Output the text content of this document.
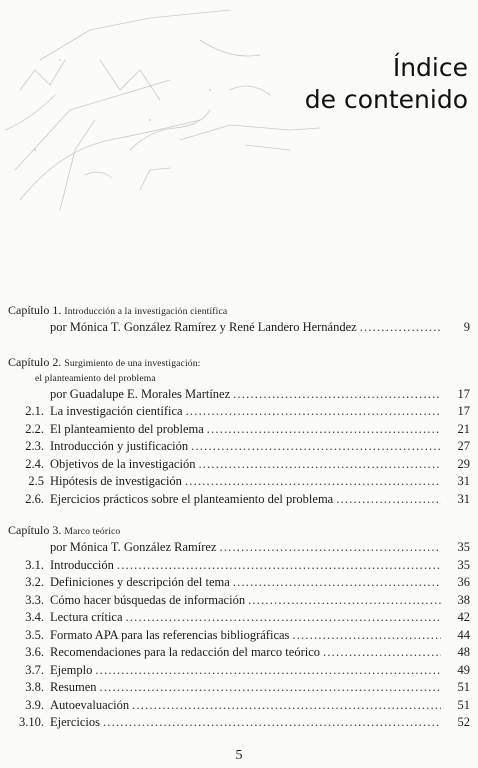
Índice
de contenido
Capítulo 1. Introducción a la investigación científica
por Mónica T. González Ramírez y René Landero Hernández .....	9
Capítulo 2. Surgimiento de una investigación:
el planteamiento del problema
por Guadalupe E. Morales Martínez .....	17
2.1. La investigación científica .....	17
2.2. El planteamiento del problema .....	21
2.3. Introducción y justificación .....	27
2.4. Objetivos de la investigación .....	29
2.5 Hipótesis de investigación .....	31
2.6. Ejercicios prácticos sobre el planteamiento del problema .....	31
Capítulo 3. Marco teórico
por Mónica T. González Ramírez .....	35
3.1. Introducción .....	35
3.2. Definiciones y descripción del tema .....	36
3.3. Cómo hacer búsquedas de información .....	38
3.4. Lectura crítica .....	42
3.5. Formato APA para las referencias bibliográficas .....	44
3.6. Recomendaciones para la redacción del marco teórico .....	48
3.7. Ejemplo .....	49
3.8. Resumen .....	51
3.9. Autoevaluación .....	51
3.10. Ejercicios .....	52
5
